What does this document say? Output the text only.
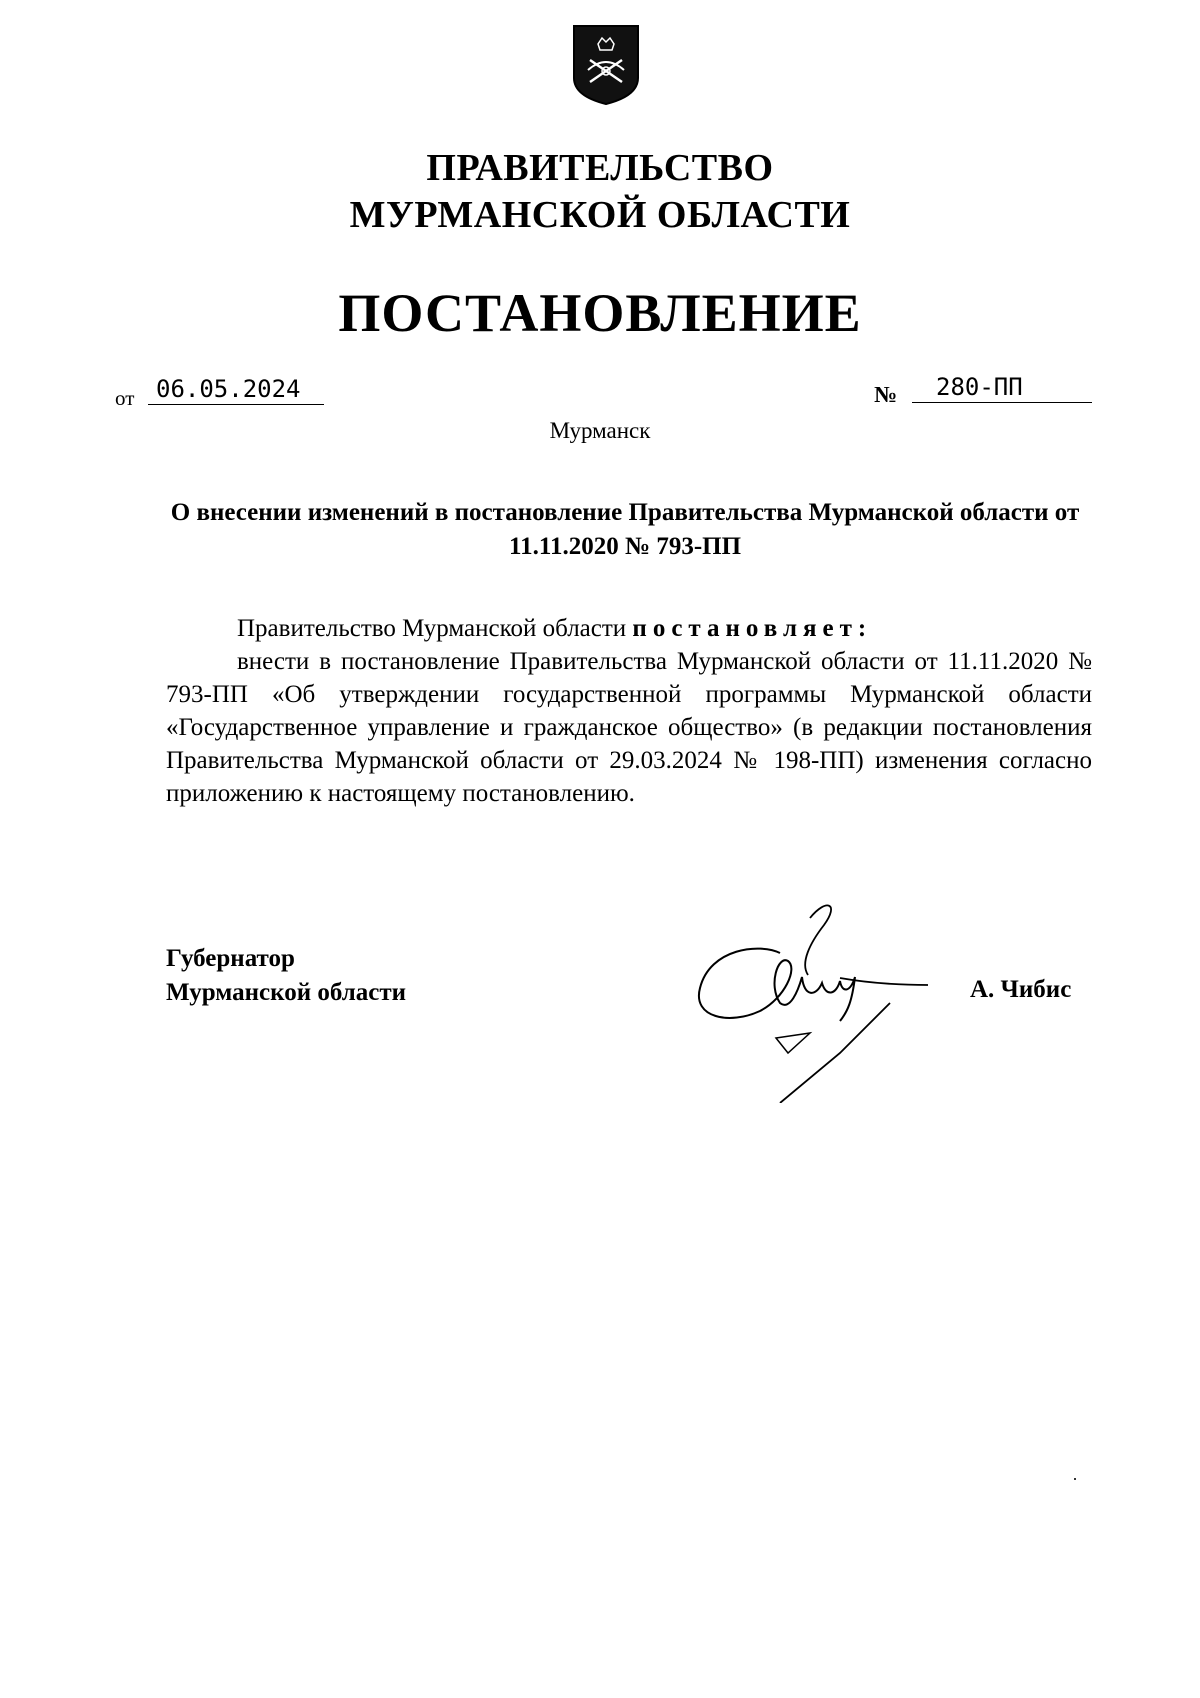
ПРАВИТЕЛЬСТВО
МУРМАНСКОЙ ОБЛАСТИ
ПОСТАНОВЛЕНИЕ
от 06.05.2024	№	280-ПП
Мурманск
О внесении изменений в постановление Правительства Мурманской области от 11.11.2020 № 793-ПП
Правительство Мурманской области постановляет:
внести в постановление Правительства Мурманской области от 11.11.2020 № 793-ПП «Об утверждении государственной программы Мурманской области «Государственное управление и гражданское общество» (в редакции постановления Правительства Мурманской области от 29.03.2024 № 198-ПП) изменения согласно приложению к настоящему постановлению.
Губернатор
Мурманской области	А. Чибис
